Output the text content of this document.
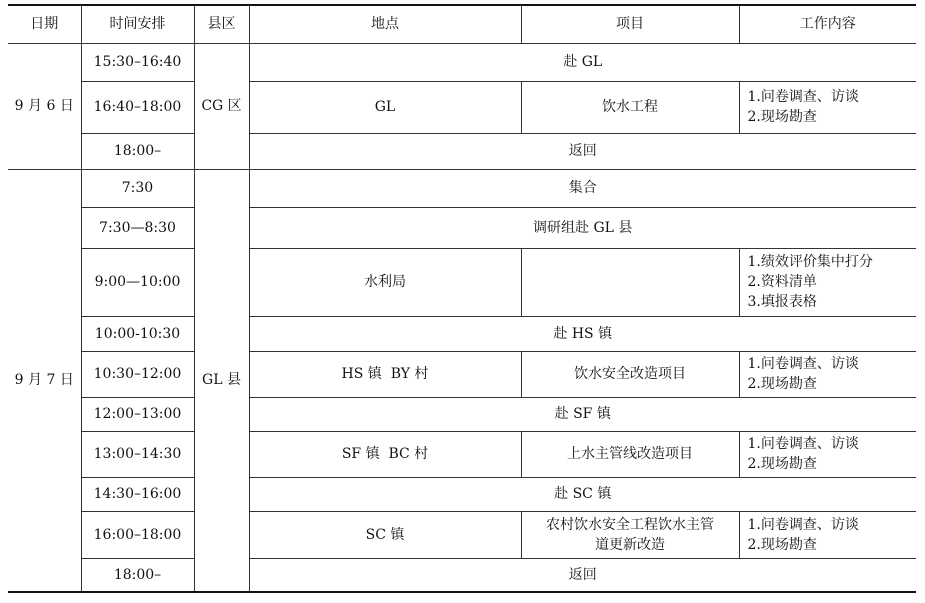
日期	时间安排	县区	地点	项目	工作内容
9 月 6 日	15:30–16:40	CG 区	赴 GL		
	16:40–18:00		GL	饮水工程	1.问卷调查、访谈
2.现场勘查

	18:00–		返回		
9 月 7 日	7:30	GL 县	集合		
	7:30—8:30		调研组赴 GL 县		
	9:00—10:00		水利局		1.绩效评价集中打分
2.资料清单
3.填报表格

	10:00-10:30		赴 HS 镇		
	10:30–12:00		HS 镇  BY 村	饮水安全改造项目	1.问卷调查、访谈
2.现场勘查

	12:00–13:00		赴 SF 镇		
	13:00–14:30		SF 镇  BC 村	上水主管线改造项目	1.问卷调查、访谈
2.现场勘查

	14:30–16:00		赴 SC 镇		
	16:00–18:00		SC 镇	农村饮水安全工程饮水主管
道更新改造	1.问卷调查、访谈
2.现场勘查

	18:00–		返回		
